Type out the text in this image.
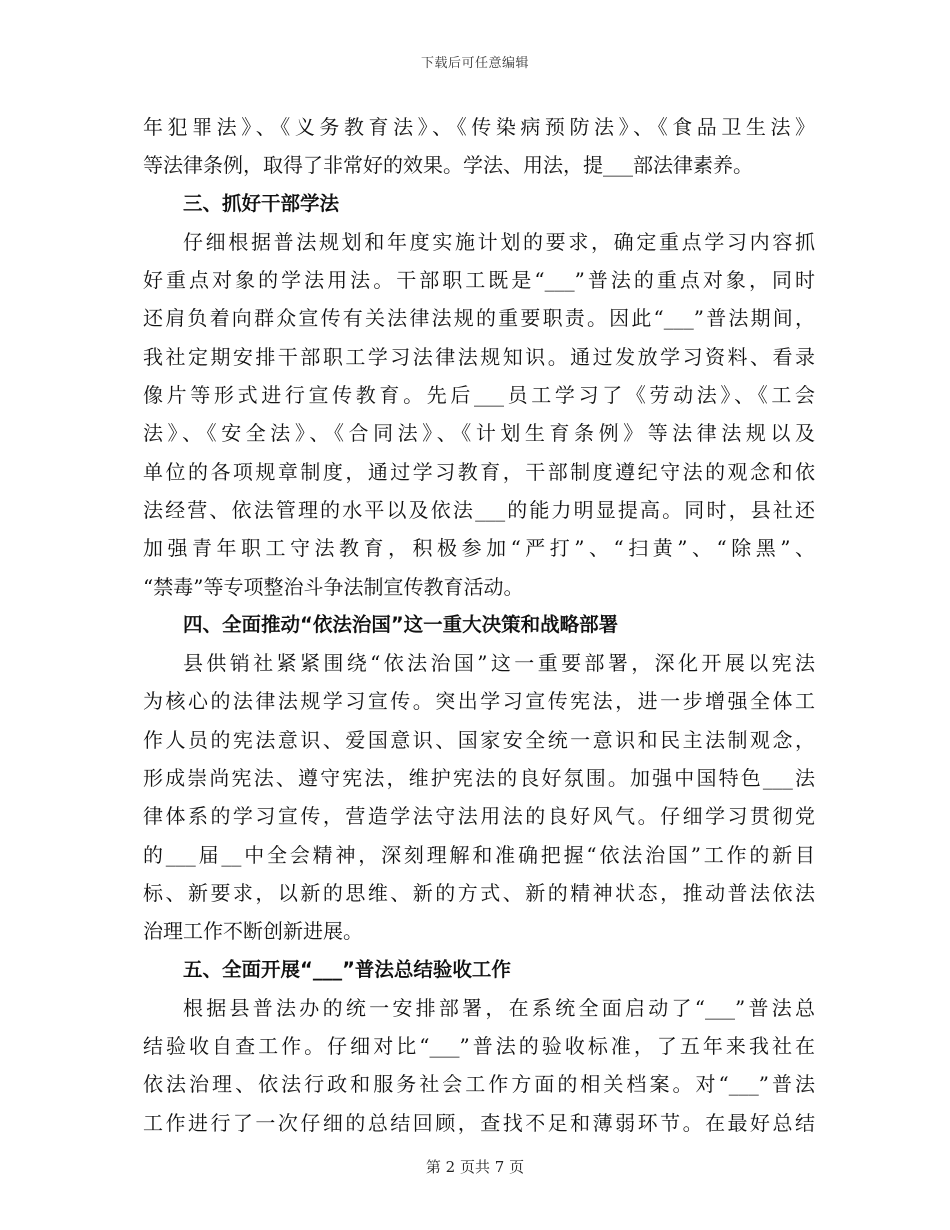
下载后可任意编辑
年犯罪法》、《义务教育法》、《传染病预防法》、《食品卫生法》
等法律条例，取得了非常好的效果。学法、用法，提___部法律素养。
三、抓好干部学法
仔细根据普法规划和年度实施计划的要求，确定重点学习内容抓
好重点对象的学法用法。干部职工既是“___”普法的重点对象，同时
还肩负着向群众宣传有关法律法规的重要职责。因此“___”普法期间，
我社定期安排干部职工学习法律法规知识。通过发放学习资料、看录
像片等形式进行宣传教育。先后___员工学习了《劳动法》、《工会
法》、《安全法》、《合同法》、《计划生育条例》等法律法规以及
单位的各项规章制度，通过学习教育，干部制度遵纪守法的观念和依
法经营、依法管理的水平以及依法___的能力明显提高。同时，县社还
加强青年职工守法教育，积极参加“严打”、“扫黄”、“除黑”、
“禁毒”等专项整治斗争法制宣传教育活动。
四、全面推动“依法治国”这一重大决策和战略部署
县供销社紧紧围绕“依法治国”这一重要部署，深化开展以宪法
为核心的法律法规学习宣传。突出学习宣传宪法，进一步增强全体工
作人员的宪法意识、爱国意识、国家安全统一意识和民主法制观念，
形成崇尚宪法、遵守宪法，维护宪法的良好氛围。加强中国特色___法
律体系的学习宣传，营造学法守法用法的良好风气。仔细学习贯彻党
的___届__中全会精神，深刻理解和准确把握“依法治国”工作的新目
标、新要求，以新的思维、新的方式、新的精神状态，推动普法依法
治理工作不断创新进展。
五、全面开展“___”普法总结验收工作
根据县普法办的统一安排部署，在系统全面启动了“___”普法总
结验收自查工作。仔细对比“___”普法的验收标准，了五年来我社在
依法治理、依法行政和服务社会工作方面的相关档案。对“___”普法
工作进行了一次仔细的总结回顾，查找不足和薄弱环节。在最好总结
第 2 页共 7 页
